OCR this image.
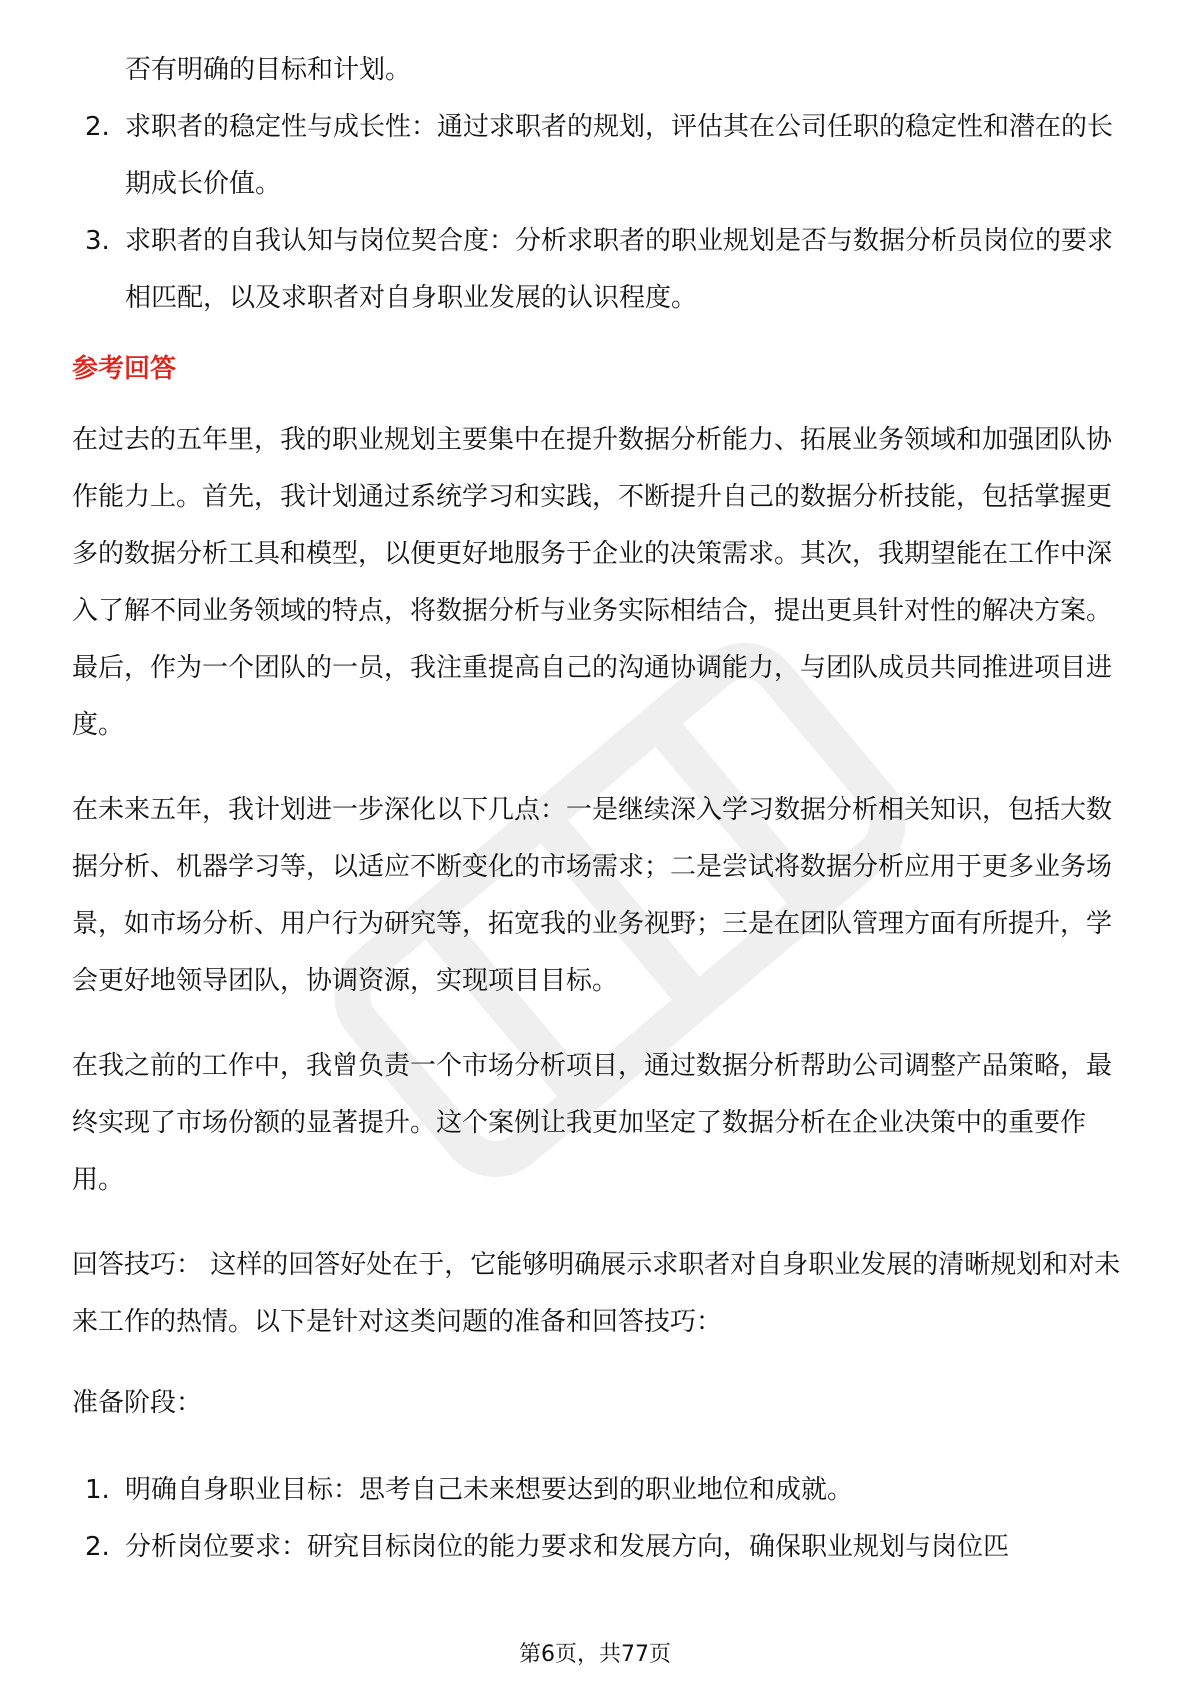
否有明确的目标和计划。

2. 求职者的稳定性与成长性：通过求职者的规划，评估其在公司任职的稳定性和潜在的长期成长价值。
3. 求职者的自我认知与岗位契合度：分析求职者的职业规划是否与数据分析员岗位的要求相匹配，以及求职者对自身职业发展的认识程度。
参考回答

在过去的五年里，我的职业规划主要集中在提升数据分析能力、拓展业务领域和加强团队协作能力上。首先，我计划通过系统学习和实践，不断提升自己的数据分析技能，包括掌握更多的数据分析工具和模型，以便更好地服务于企业的决策需求。其次，我期望能在工作中深入了解不同业务领域的特点，将数据分析与业务实际相结合，提出更具针对性的解决方案。最后，作为一个团队的一员，我注重提高自己的沟通协调能力，与团队成员共同推进项目进度。

在未来五年，我计划进一步深化以下几点：一是继续深入学习数据分析相关知识，包括大数据分析、机器学习等，以适应不断变化的市场需求；二是尝试将数据分析应用于更多业务场景，如市场分析、用户行为研究等，拓宽我的业务视野；三是在团队管理方面有所提升，学会更好地领导团队，协调资源，实现项目目标。

在我之前的工作中，我曾负责一个市场分析项目，通过数据分析帮助公司调整产品策略，最终实现了市场份额的显著提升。这个案例让我更加坚定了数据分析在企业决策中的重要作用。

回答技巧： 这样的回答好处在于，它能够明确展示求职者对自身职业发展的清晰规划和对未来工作的热情。以下是针对这类问题的准备和回答技巧：

准备阶段：

1. 明确自身职业目标：思考自己未来想要达到的职业地位和成就。
2. 分析岗位要求：研究目标岗位的能力要求和发展方向，确保职业规划与岗位匹
第6页，共77页
